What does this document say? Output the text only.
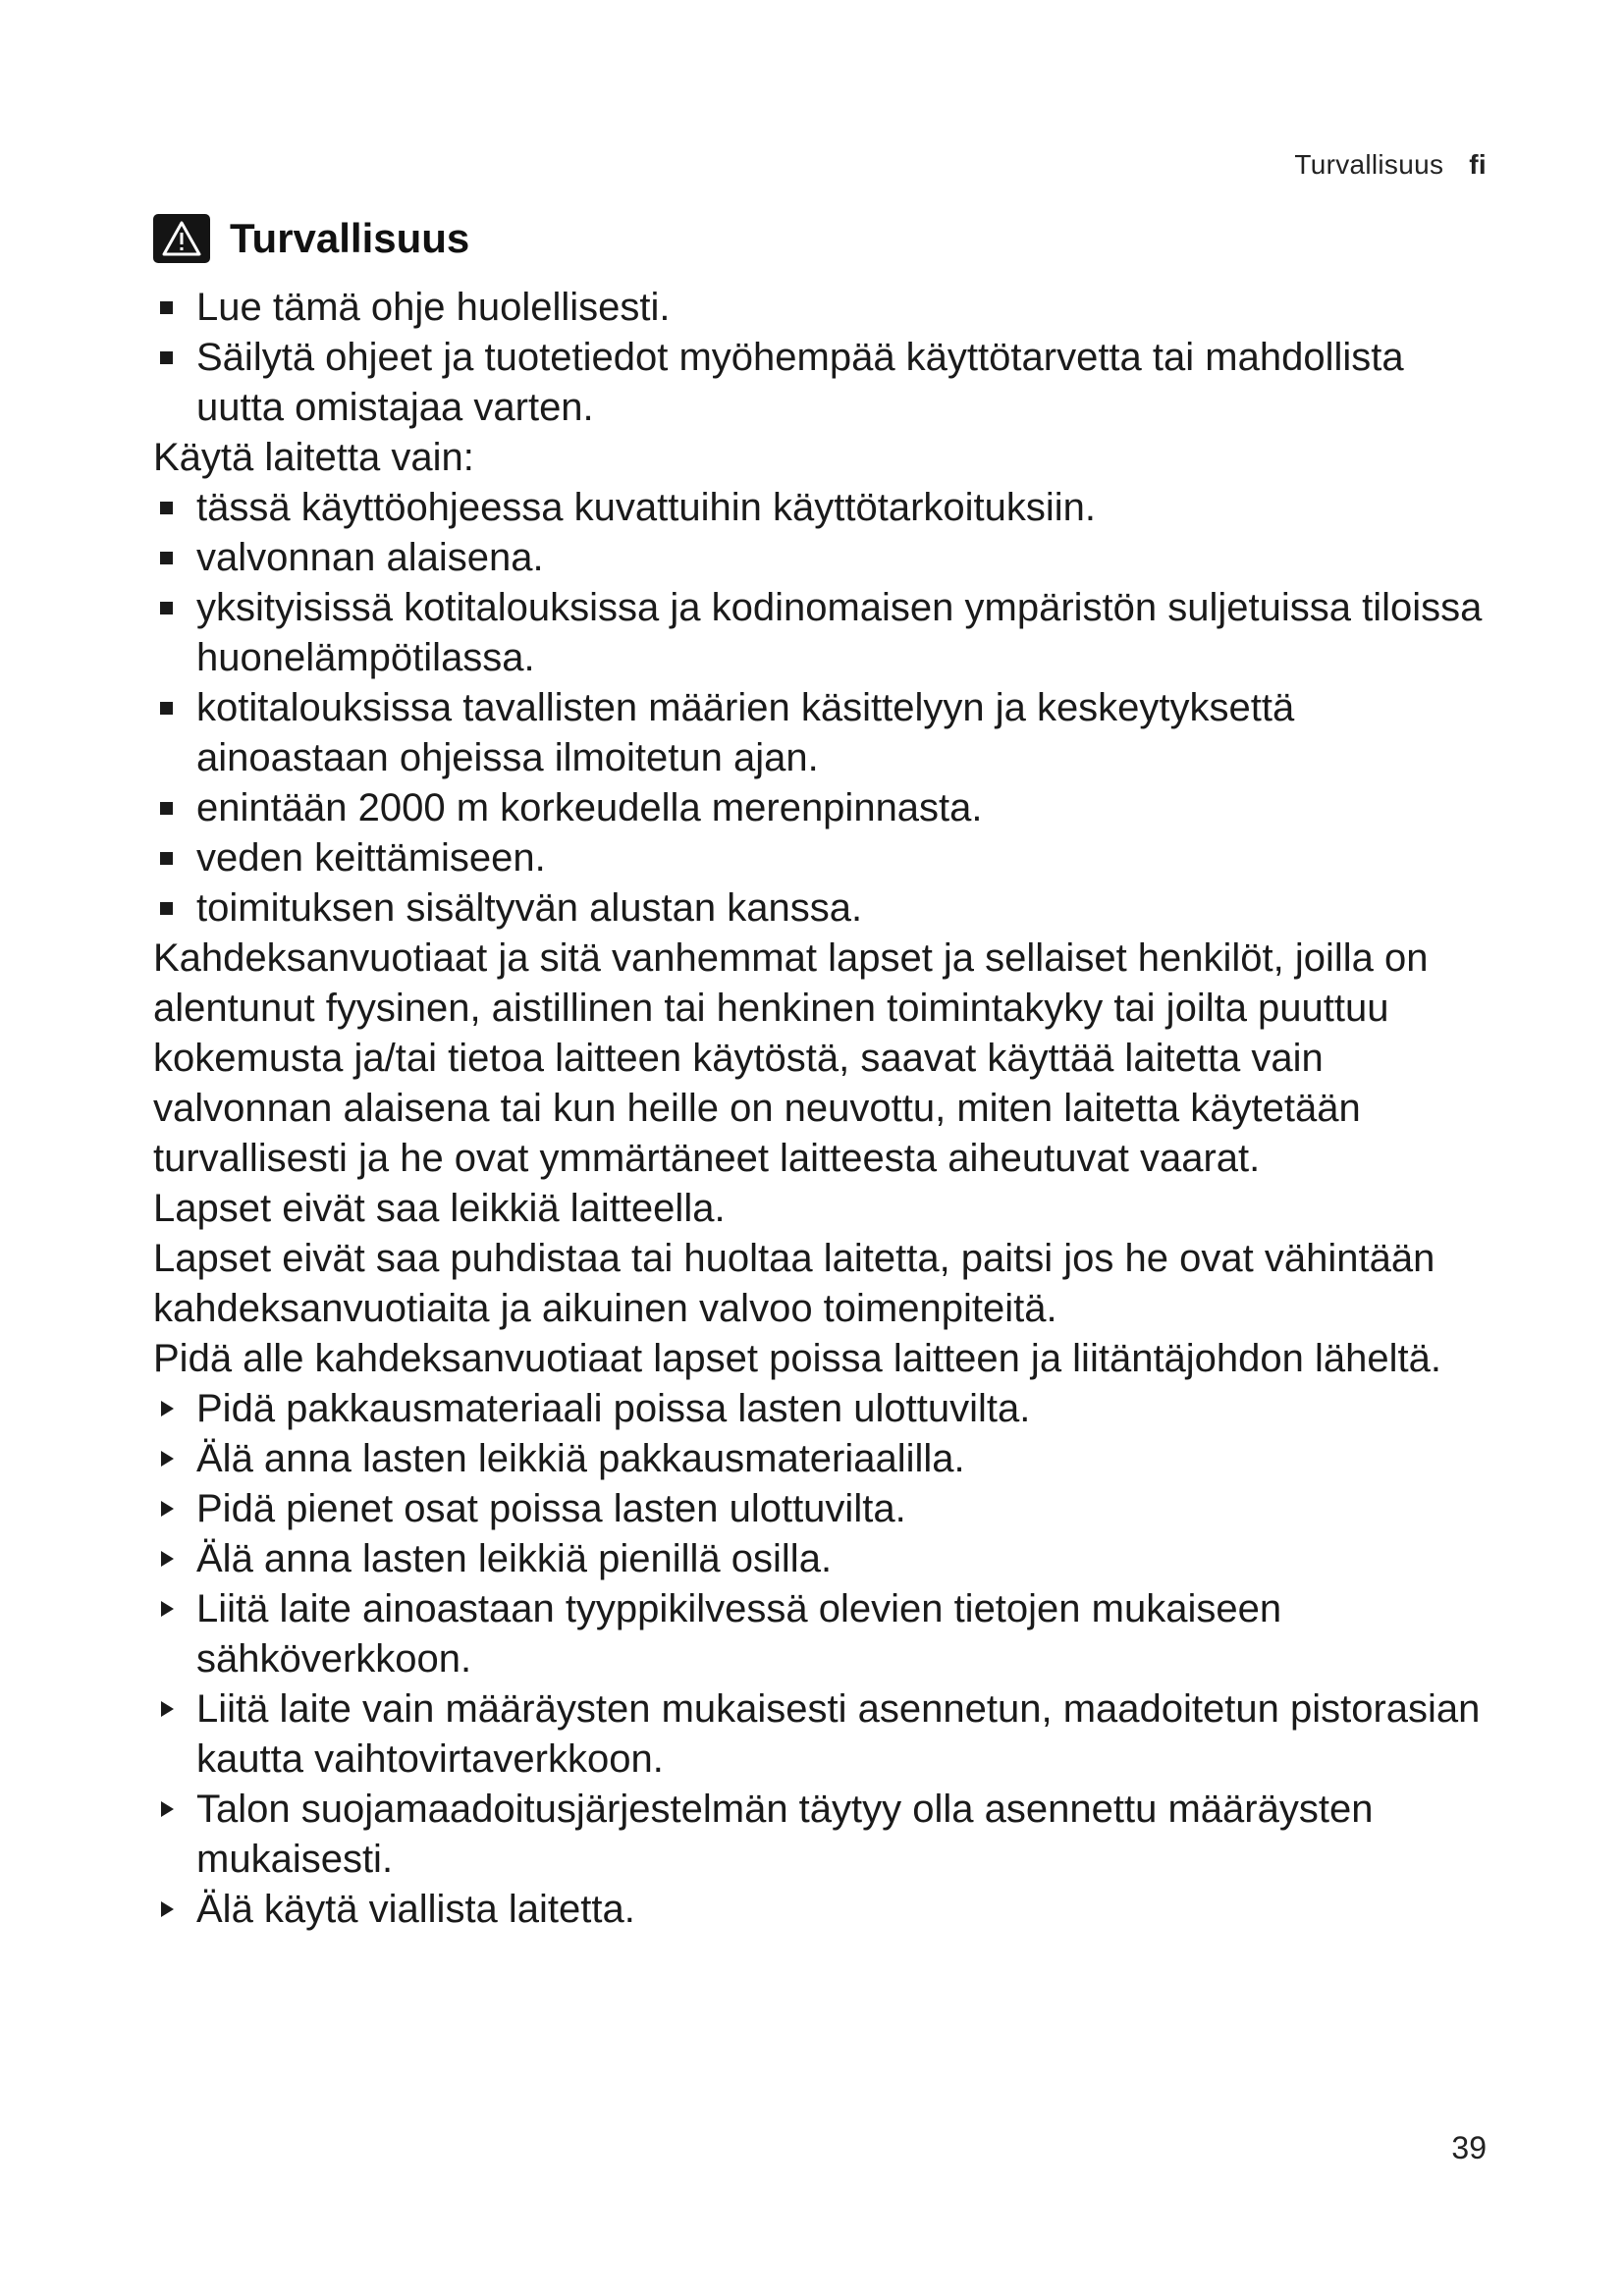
Turvallisuus fi
Turvallisuus
Lue tämä ohje huolellisesti.
Säilytä ohjeet ja tuotetiedot myöhempää käyttötarvetta tai mahdollista uutta omistajaa varten.

Käytä laitetta vain:

tässä käyttöohjeessa kuvattuihin käyttötarkoituksiin.
valvonnan alaisena.
yksityisissä kotitalouksissa ja kodinomaisen ympäristön suljetuissa tiloissa huonelämpötilassa.
kotitalouksissa tavallisten määrien käsittelyyn ja keskeytyksettä ainoastaan ohjeissa ilmoitetun ajan.
enintään 2000 m korkeudella merenpinnasta.
veden keittämiseen.
toimituksen sisältyvän alustan kanssa.

Kahdeksanvuotiaat ja sitä vanhemmat lapset ja sellaiset henkilöt, joilla on alentunut fyysinen, aistillinen tai henkinen toimintakyky tai joilta puuttuu kokemusta ja/tai tietoa laitteen käytöstä, saavat käyttää laitetta vain valvonnan alaisena tai kun heille on neuvottu, miten laitetta käytetään turvallisesti ja he ovat ymmärtäneet laitteesta aiheutuvat vaarat.

Lapset eivät saa leikkiä laitteella.

Lapset eivät saa puhdistaa tai huoltaa laitetta, paitsi jos he ovat vähintään kahdeksanvuotiaita ja aikuinen valvoo toimenpiteitä.

Pidä alle kahdeksanvuotiaat lapset poissa laitteen ja liitäntäjohdon läheltä.

Pidä pakkausmateriaali poissa lasten ulottuvilta.
Älä anna lasten leikkiä pakkausmateriaalilla.
Pidä pienet osat poissa lasten ulottuvilta.
Älä anna lasten leikkiä pienillä osilla.
Liitä laite ainoastaan tyyppikilvessä olevien tietojen mukaiseen sähköverkkoon.
Liitä laite vain määräysten mukaisesti asennetun, maadoitetun pistorasian kautta vaihtovirtaverkkoon.
Talon suojamaadoitusjärjestelmän täytyy olla asennettu määräysten mukaisesti.
Älä käytä viallista laitetta.
39
